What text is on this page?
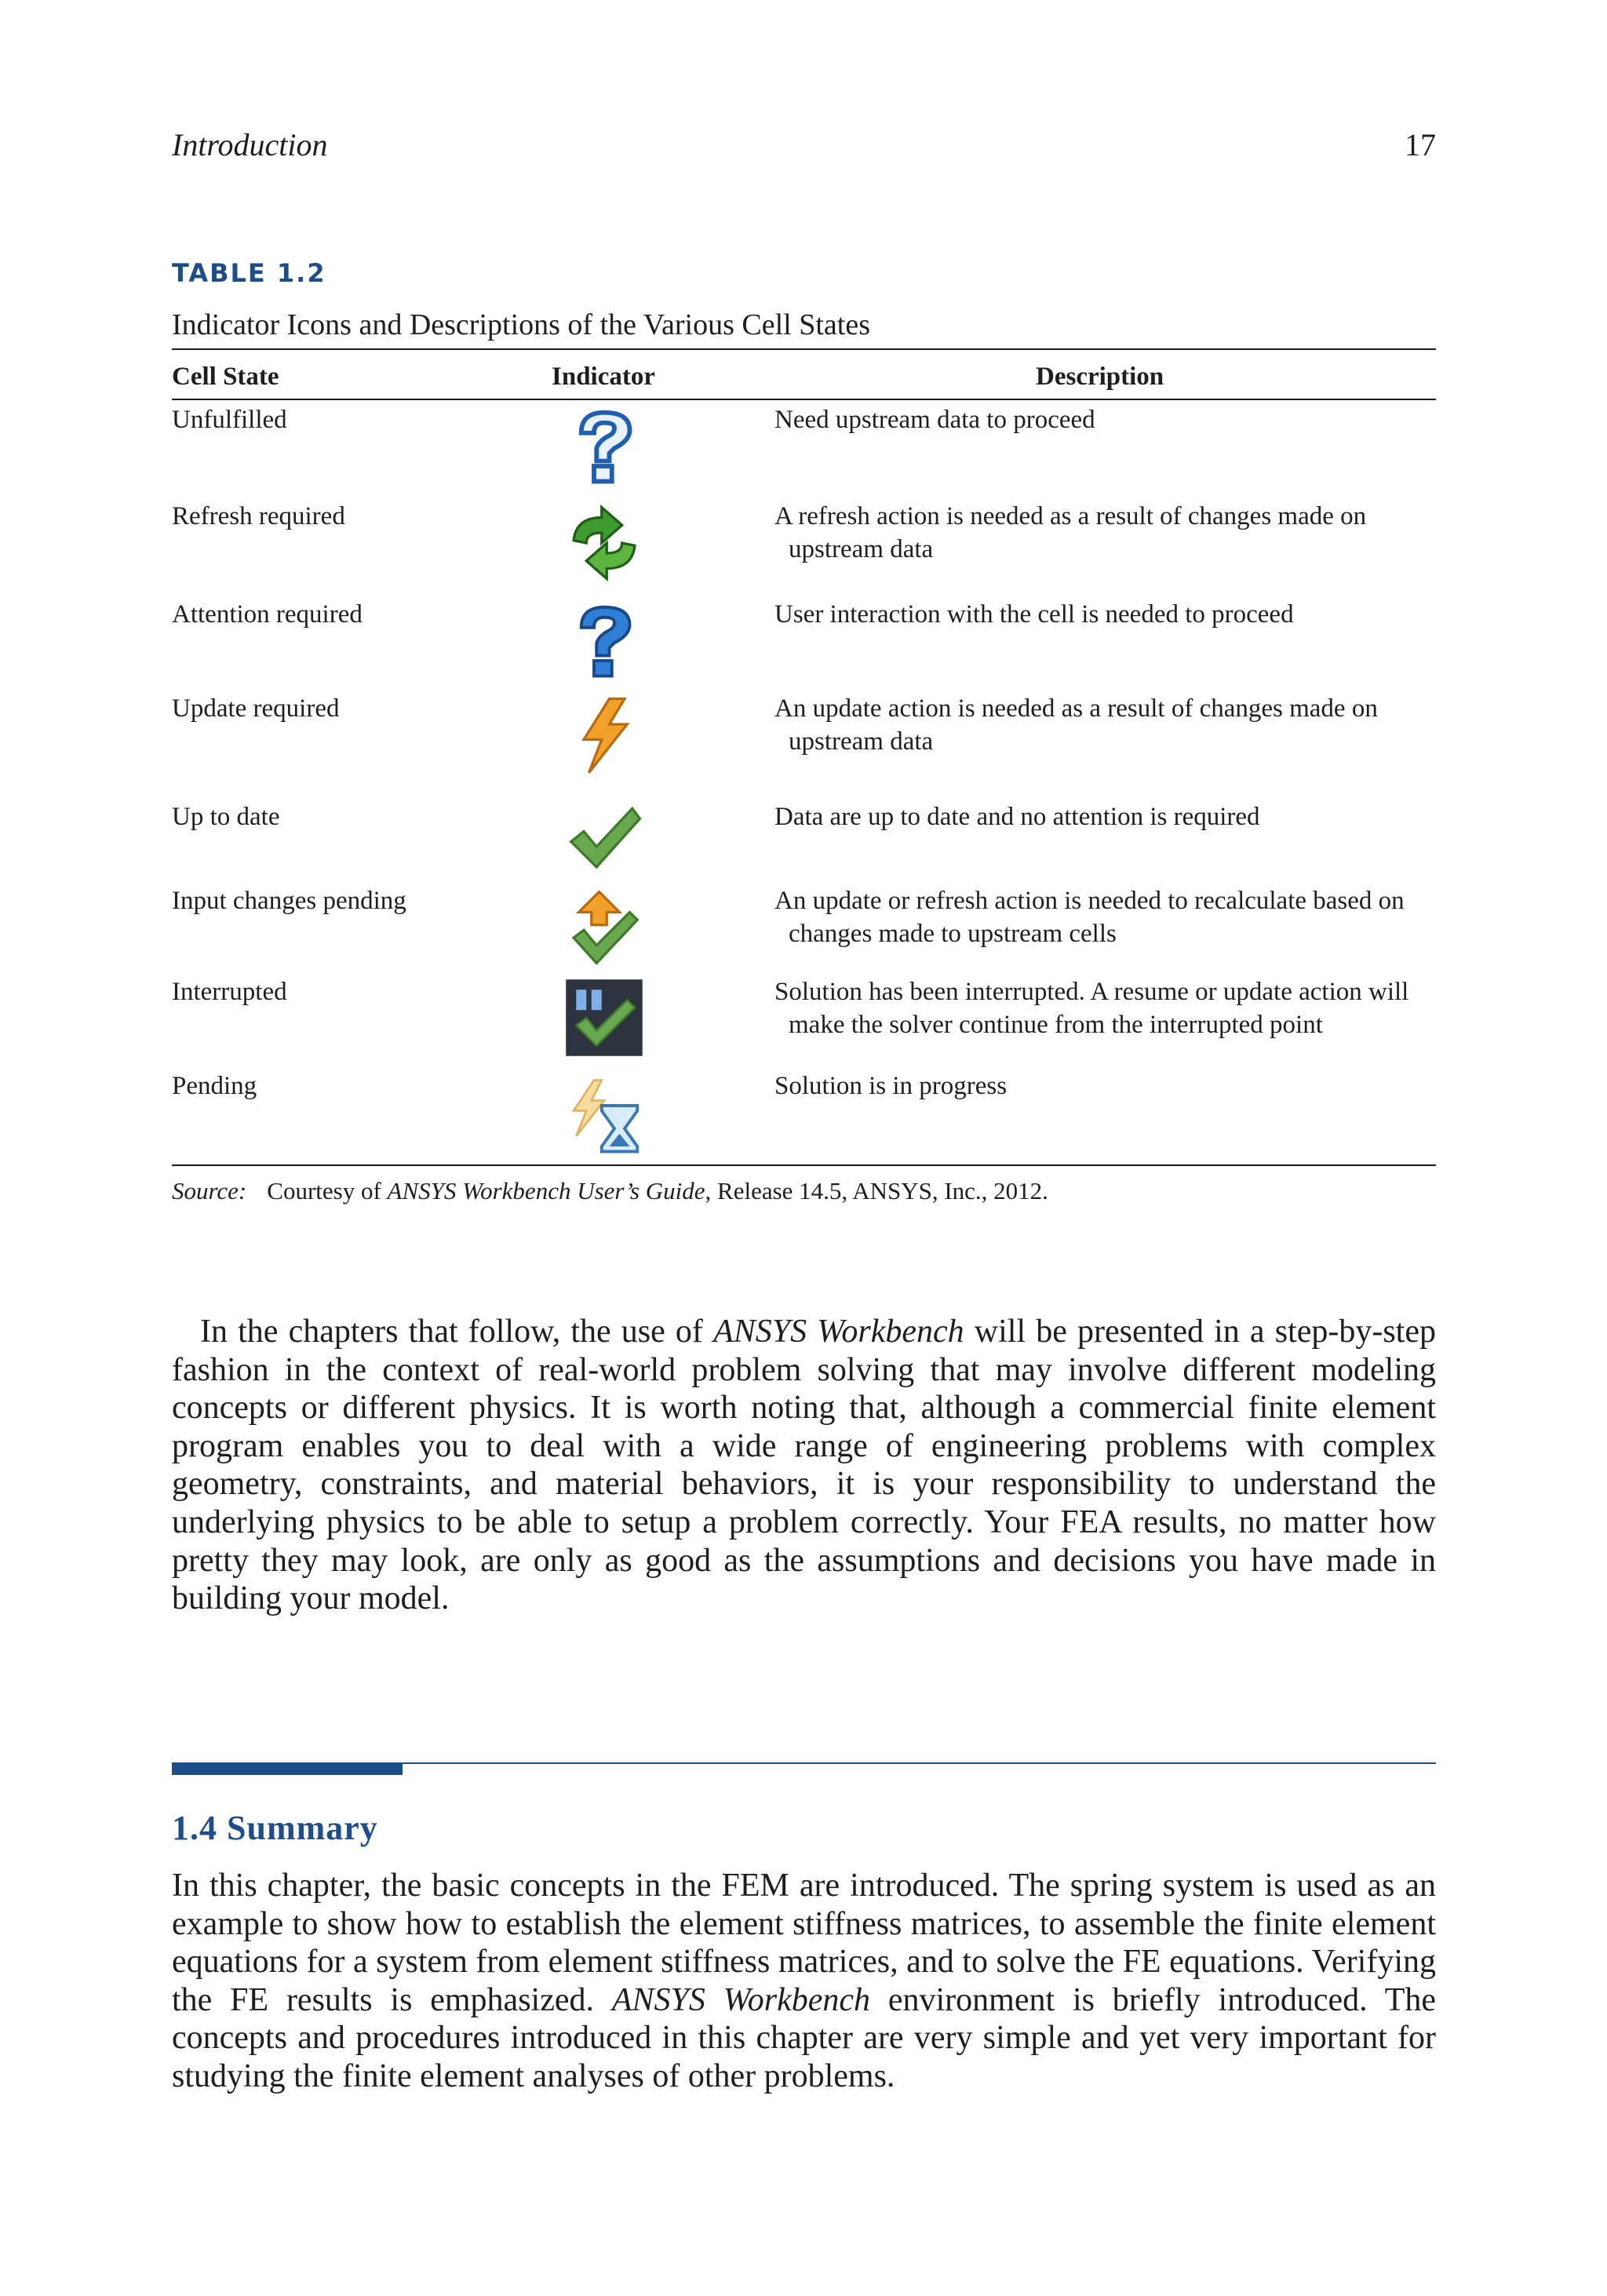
Introduction	17
TABLE 1.2
Indicator Icons and Descriptions of the Various Cell States
Cell State	Indicator	Description
Unfulfilled	Need upstream data to proceed
Refresh required	A refresh action is needed as a result of changes made on upstream data
Attention required	User interaction with the cell is needed to proceed
Update required	An update action is needed as a result of changes made on upstream data
Up to date	Data are up to date and no attention is required
Input changes pending	An update or refresh action is needed to recalculate based on changes made to upstream cells
Interrupted	Solution has been interrupted. A resume or update action will make the solver continue from the interrupted point
Pending	Solution is in progress
Source: Courtesy of ANSYS Workbench User’s Guide, Release 14.5, ANSYS, Inc., 2012.
In the chapters that follow, the use of ANSYS Workbench will be presented in a step-by-step fashion in the context of real-world problem solving that may involve different modeling concepts or different physics. It is worth noting that, although a commercial finite element program enables you to deal with a wide range of engineering problems with complex geometry, constraints, and material behaviors, it is your responsibility to understand the underlying physics to be able to setup a problem correctly. Your FEA results, no matter how pretty they may look, are only as good as the assumptions and decisions you have made in building your model.
1.4 Summary
In this chapter, the basic concepts in the FEM are introduced. The spring system is used as an example to show how to establish the element stiffness matrices, to assemble the finite element equations for a system from element stiffness matrices, and to solve the FE equations. Verifying the FE results is emphasized. ANSYS Workbench environment is briefly introduced. The concepts and procedures introduced in this chapter are very simple and yet very important for studying the finite element analyses of other problems.
